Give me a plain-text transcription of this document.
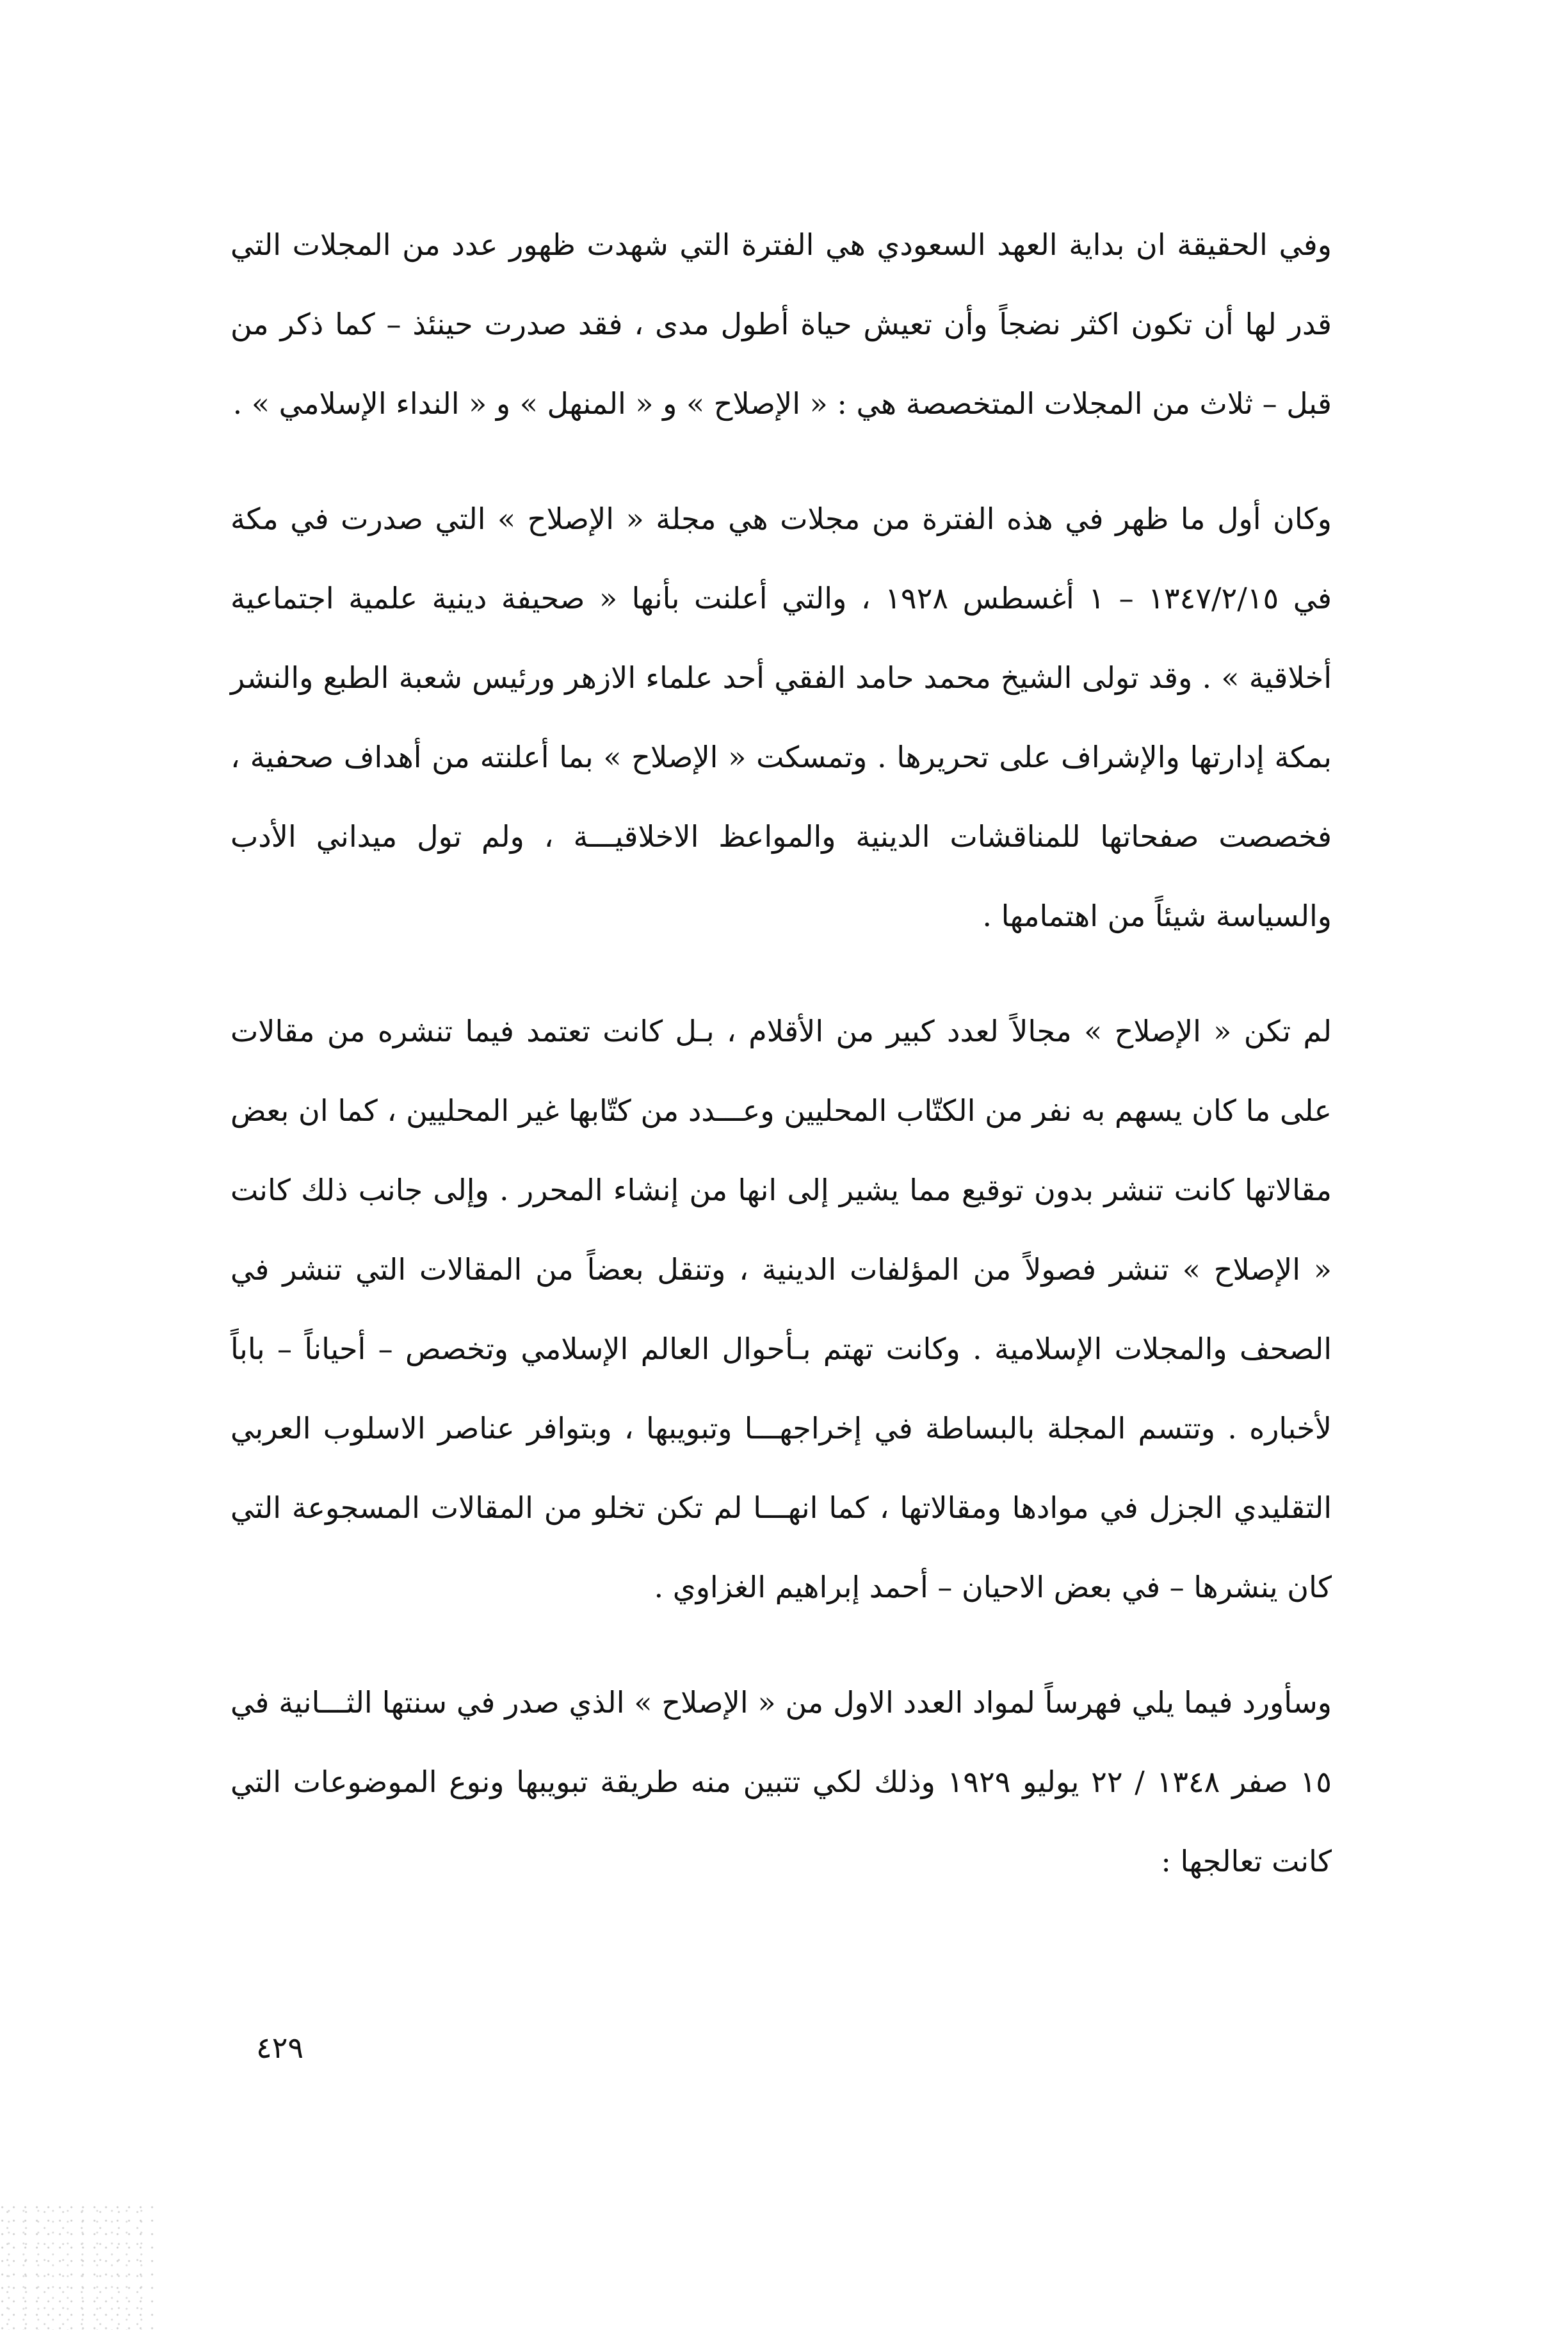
وفي الحقيقة ان بداية العهد السعودي هي الفترة التي شهدت ظهور عدد من المجلات التي قدر لها أن تكون اكثر نضجاً وأن تعيش حياة أطول مدى ، فقد صدرت حينئذ – كما ذكر من قبل – ثلاث من المجلات المتخصصة هي : « الإصلاح » و « المنهل » و « النداء الإسلامي » .

وكان أول ما ظهر في هذه الفترة من مجلات هي مجلة « الإصلاح » التي صدرت في مكة في ١٣٤٧/٢/١٥ – ١ أغسطس ١٩٢٨ ، والتي أعلنت بأنها « صحيفة دينية علمية اجتماعية أخلاقية » . وقد تولى الشيخ محمد حامد الفقي أحد علماء الازهر ورئيس شعبة الطبع والنشر بمكة إدارتها والإشراف على تحريرها . وتمسكت « الإصلاح » بما أعلنته من أهداف صحفية ، فخصصت صفحاتها للمناقشات الدينية والمواعظ الاخلاقيـــة ، ولم تول ميداني الأدب والسياسة شيئاً من اهتمامها .

لم تكن « الإصلاح » مجالاً لعدد كبير من الأقلام ، بـل كانت تعتمد فيما تنشره من مقالات على ما كان يسهم به نفر من الكتّاب المحليين وعـــدد من كتّابها غير المحليين ، كما ان بعض مقالاتها كانت تنشر بدون توقيع مما يشير إلى انها من إنشاء المحرر . وإلى جانب ذلك كانت « الإصلاح » تنشر فصولاً من المؤلفات الدينية ، وتنقل بعضاً من المقالات التي تنشر في الصحف والمجلات الإسلامية . وكانت تهتم بـأحوال العالم الإسلامي وتخصص – أحياناً – باباً لأخباره . وتتسم المجلة بالبساطة في إخراجهـــا وتبويبها ، وبتوافر عناصر الاسلوب العربي التقليدي الجزل في موادها ومقالاتها ، كما انهـــا لم تكن تخلو من المقالات المسجوعة التي كان ينشرها – في بعض الاحيان – أحمد إبراهيم الغزاوي .

وسأورد فيما يلي فهرساً لمواد العدد الاول من « الإصلاح » الذي صدر في سنتها الثـــانية في ١٥ صفر ١٣٤٨ / ٢٢ يوليو ١٩٢٩ وذلك لكي تتبين منه طريقة تبويبها ونوع الموضوعات التي كانت تعالجها :

٤٢٩
